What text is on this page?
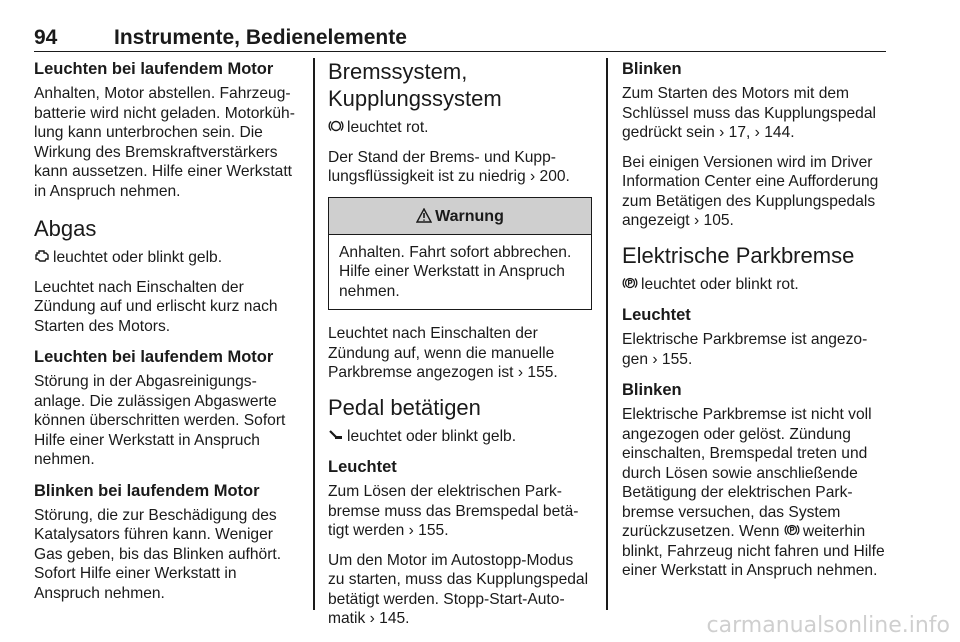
94	Instrumente, Bedienelemente
Leuchten bei laufendem Motor

Anhalten, Motor abstellen. Fahrzeug-batterie wird nicht geladen. Motorküh-lung kann unterbrochen sein. Die Wirkung des Bremskraftverstärkers kann aussetzen. Hilfe einer Werkstatt in Anspruch nehmen.

Abgas

leuchtet oder blinkt gelb.

Leuchtet nach Einschalten der Zündung auf und erlischt kurz nach Starten des Motors.

Leuchten bei laufendem Motor

Störung in der Abgasreinigungs-anlage. Die zulässigen Abgaswerte können überschritten werden. Sofort Hilfe einer Werkstatt in Anspruch nehmen.

Blinken bei laufendem Motor

Störung, die zur Beschädigung des Katalysators führen kann. Weniger Gas geben, bis das Blinken aufhört. Sofort Hilfe einer Werkstatt in Anspruch nehmen.

Bremssystem,
Kupplungssystem

leuchtet rot.

Der Stand der Brems- und Kupp-lungsflüssigkeit ist zu niedrig › 200.

Warnung
Anhalten. Fahrt sofort abbrechen. Hilfe einer Werkstatt in Anspruch nehmen.

Leuchtet nach Einschalten der Zündung auf, wenn die manuelle Parkbremse angezogen ist › 155.

Pedal betätigen

leuchtet oder blinkt gelb.

Leuchtet

Zum Lösen der elektrischen Park-bremse muss das Bremspedal betä-tigt werden › 155.

Um den Motor im Autostopp-Modus zu starten, muss das Kupplungspedal betätigt werden. Stopp-Start-Auto-matik › 145.

Blinken

Zum Starten des Motors mit dem Schlüssel muss das Kupplungspedal gedrückt sein › 17, › 144.

Bei einigen Versionen wird im Driver Information Center eine Aufforderung zum Betätigen des Kupplungspedals angezeigt › 105.

Elektrische Parkbremse

leuchtet oder blinkt rot.

Leuchtet

Elektrische Parkbremse ist angezo-gen › 155.

Blinken

Elektrische Parkbremse ist nicht voll angezogen oder gelöst. Zündung einschalten, Bremspedal treten und durch Lösen sowie anschließende Betätigung der elektrischen Park-bremse versuchen, das System zurückzusetzen. Wenn weiterhin blinkt, Fahrzeug nicht fahren und Hilfe einer Werkstatt in Anspruch nehmen.

carmanualsonline.info
